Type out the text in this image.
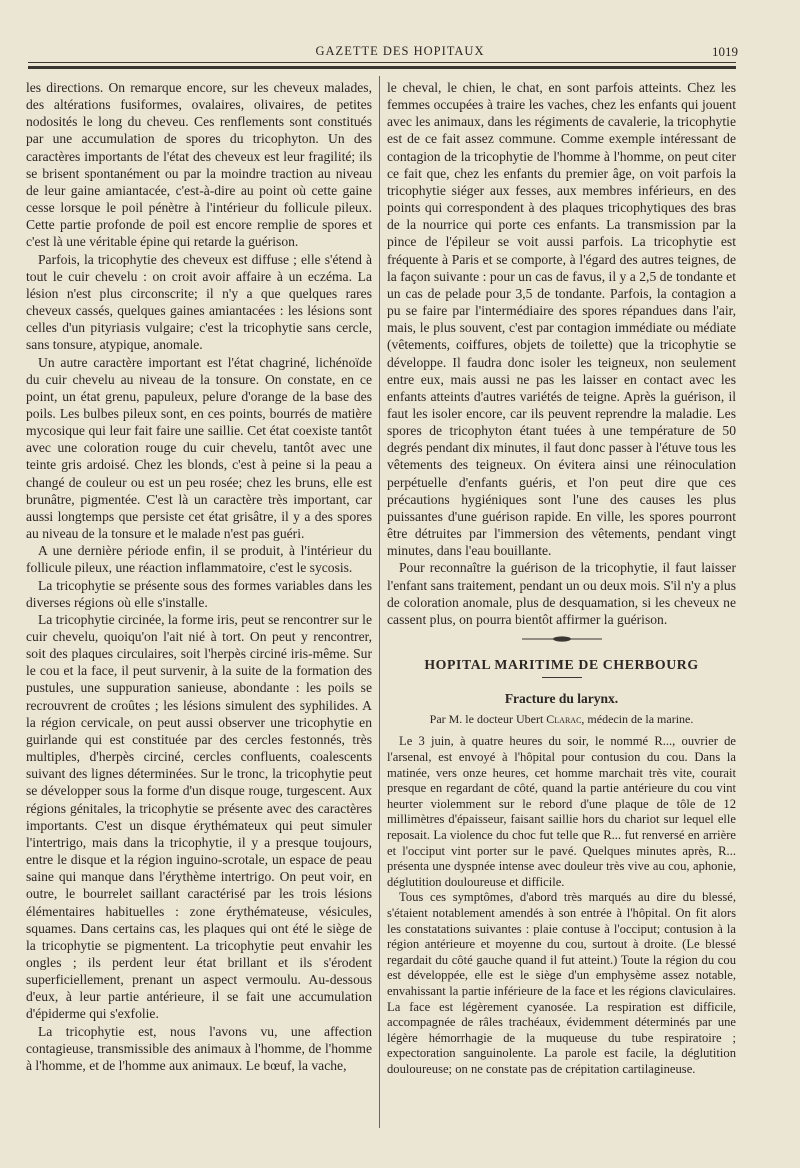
GAZETTE DES HOPITAUX	1019

les directions. On remarque encore, sur les cheveux malades, des altérations fusiformes, ovalaires, olivaires, de petites nodosités le long du cheveu. Ces renflements sont constitués par une accumulation de spores du tricophyton. Un des caractères importants de l'état des cheveux est leur fragilité; ils se brisent spontanément ou par la moindre traction au niveau de leur gaine amiantacée, c'est-à-dire au point où cette gaine cesse lorsque le poil pénètre à l'intérieur du follicule pileux. Cette partie profonde de poil est encore remplie de spores et c'est là une véritable épine qui retarde la guérison.

Parfois, la tricophytie des cheveux est diffuse ; elle s'étend à tout le cuir chevelu : on croit avoir affaire à un eczéma. La lésion n'est plus circonscrite; il n'y a que quelques rares cheveux cassés, quelques gaines amiantacées : les lésions sont celles d'un pityriasis vulgaire; c'est la tricophytie sans cercle, sans tonsure, atypique, anomale.

Un autre caractère important est l'état chagriné, lichénoïde du cuir chevelu au niveau de la tonsure. On constate, en ce point, un état grenu, papuleux, pelure d'orange de la base des poils. Les bulbes pileux sont, en ces points, bourrés de matière mycosique qui leur fait faire une saillie. Cet état coexiste tantôt avec une coloration rouge du cuir chevelu, tantôt avec une teinte gris ardoisé. Chez les blonds, c'est à peine si la peau a changé de couleur ou est un peu rosée; chez les bruns, elle est brunâtre, pigmentée. C'est là un caractère très important, car aussi longtemps que persiste cet état grisâtre, il y a des spores au niveau de la tonsure et le malade n'est pas guéri.

A une dernière période enfin, il se produit, à l'intérieur du follicule pileux, une réaction inflammatoire, c'est le sycosis.

La tricophytie se présente sous des formes variables dans les diverses régions où elle s'installe.

La tricophytie circinée, la forme iris, peut se rencontrer sur le cuir chevelu, quoiqu'on l'ait nié à tort. On peut y rencontrer, soit des plaques circulaires, soit l'herpès circiné iris-même. Sur le cou et la face, il peut survenir, à la suite de la formation des pustules, une suppuration sanieuse, abondante : les poils se recrouvrent de croûtes ; les lésions simulent des syphilides. A la région cervicale, on peut aussi observer une tricophytie en guirlande qui est constituée par des cercles festonnés, très multiples, d'herpès circiné, cercles confluents, coalescents suivant des lignes déterminées. Sur le tronc, la tricophytie peut se développer sous la forme d'un disque rouge, turgescent. Aux régions génitales, la tricophytie se présente avec des caractères importants. C'est un disque érythémateux qui peut simuler l'intertrigo, mais dans la tricophytie, il y a presque toujours, entre le disque et la région inguino-scrotale, un espace de peau saine qui manque dans l'érythème intertrigo. On peut voir, en outre, le bourrelet saillant caractérisé par les trois lésions élémentaires habituelles : zone érythémateuse, vésicules, squames. Dans certains cas, les plaques qui ont été le siège de la tricophytie se pigmentent. La tricophytie peut envahir les ongles ; ils perdent leur état brillant et ils s'érodent superficiellement, prenant un aspect vermoulu. Au-dessous d'eux, à leur partie antérieure, il se fait une accumulation d'épiderme qui s'exfolie.

La tricophytie est, nous l'avons vu, une affection contagieuse, transmissible des animaux à l'homme, de l'homme à l'homme, et de l'homme aux animaux. Le bœuf, la vache,

le cheval, le chien, le chat, en sont parfois atteints. Chez les femmes occupées à traire les vaches, chez les enfants qui jouent avec les animaux, dans les régiments de cavalerie, la tricophytie est de ce fait assez commune. Comme exemple intéressant de contagion de la tricophytie de l'homme à l'homme, on peut citer ce fait que, chez les enfants du premier âge, on voit parfois la tricophytie siéger aux fesses, aux membres inférieurs, en des points qui correspondent à des plaques tricophytiques des bras de la nourrice qui porte ces enfants. La transmission par la pince de l'épileur se voit aussi parfois. La tricophytie est fréquente à Paris et se comporte, à l'égard des autres teignes, de la façon suivante : pour un cas de favus, il y a 2,5 de tondante et un cas de pelade pour 3,5 de tondante. Parfois, la contagion a pu se faire par l'intermédiaire des spores répandues dans l'air, mais, le plus souvent, c'est par contagion immédiate ou médiate (vêtements, coiffures, objets de toilette) que la tricophytie se développe. Il faudra donc isoler les teigneux, non seulement entre eux, mais aussi ne pas les laisser en contact avec les enfants atteints d'autres variétés de teigne. Après la guérison, il faut les isoler encore, car ils peuvent reprendre la maladie. Les spores de tricophyton étant tuées à une température de 50 degrés pendant dix minutes, il faut donc passer à l'étuve tous les vêtements des teigneux. On évitera ainsi une réinoculation perpétuelle d'enfants guéris, et l'on peut dire que ces précautions hygiéniques sont l'une des causes les plus puissantes d'une guérison rapide. En ville, les spores pourront être détruites par l'immersion des vêtements, pendant vingt minutes, dans l'eau bouillante.

Pour reconnaître la guérison de la tricophytie, il faut laisser l'enfant sans traitement, pendant un ou deux mois. S'il n'y a plus de coloration anomale, plus de desquamation, si les cheveux ne cassent plus, on pourra bientôt affirmer la guérison.

HOPITAL MARITIME DE CHERBOURG
Fracture du larynx.
Par M. le docteur Ubert Clarac, médecin de la marine.

Le 3 juin, à quatre heures du soir, le nommé R..., ouvrier de l'arsenal, est envoyé à l'hôpital pour contusion du cou. Dans la matinée, vers onze heures, cet homme marchait très vite, courait presque en regardant de côté, quand la partie antérieure du cou vint heurter violemment sur le rebord d'une plaque de tôle de 12 millimètres d'épaisseur, faisant saillie hors du chariot sur lequel elle reposait. La violence du choc fut telle que R... fut renversé en arrière et l'occiput vint porter sur le pavé. Quelques minutes après, R... présenta une dyspnée intense avec douleur très vive au cou, aphonie, déglutition douloureuse et difficile.

Tous ces symptômes, d'abord très marqués au dire du blessé, s'étaient notablement amendés à son entrée à l'hôpital. On fit alors les constatations suivantes : plaie contuse à l'occiput; contusion à la région antérieure et moyenne du cou, surtout à droite. (Le blessé regardait du côté gauche quand il fut atteint.) Toute la région du cou est développée, elle est le siège d'un emphysème assez notable, envahissant la partie inférieure de la face et les régions claviculaires. La face est légèrement cyanosée. La respiration est difficile, accompagnée de râles trachéaux, évidemment déterminés par une légère hémorrhagie de la muqueuse du tube respiratoire ; expectoration sanguinolente. La parole est facile, la déglutition douloureuse; on ne constate pas de crépitation cartilagineuse.
